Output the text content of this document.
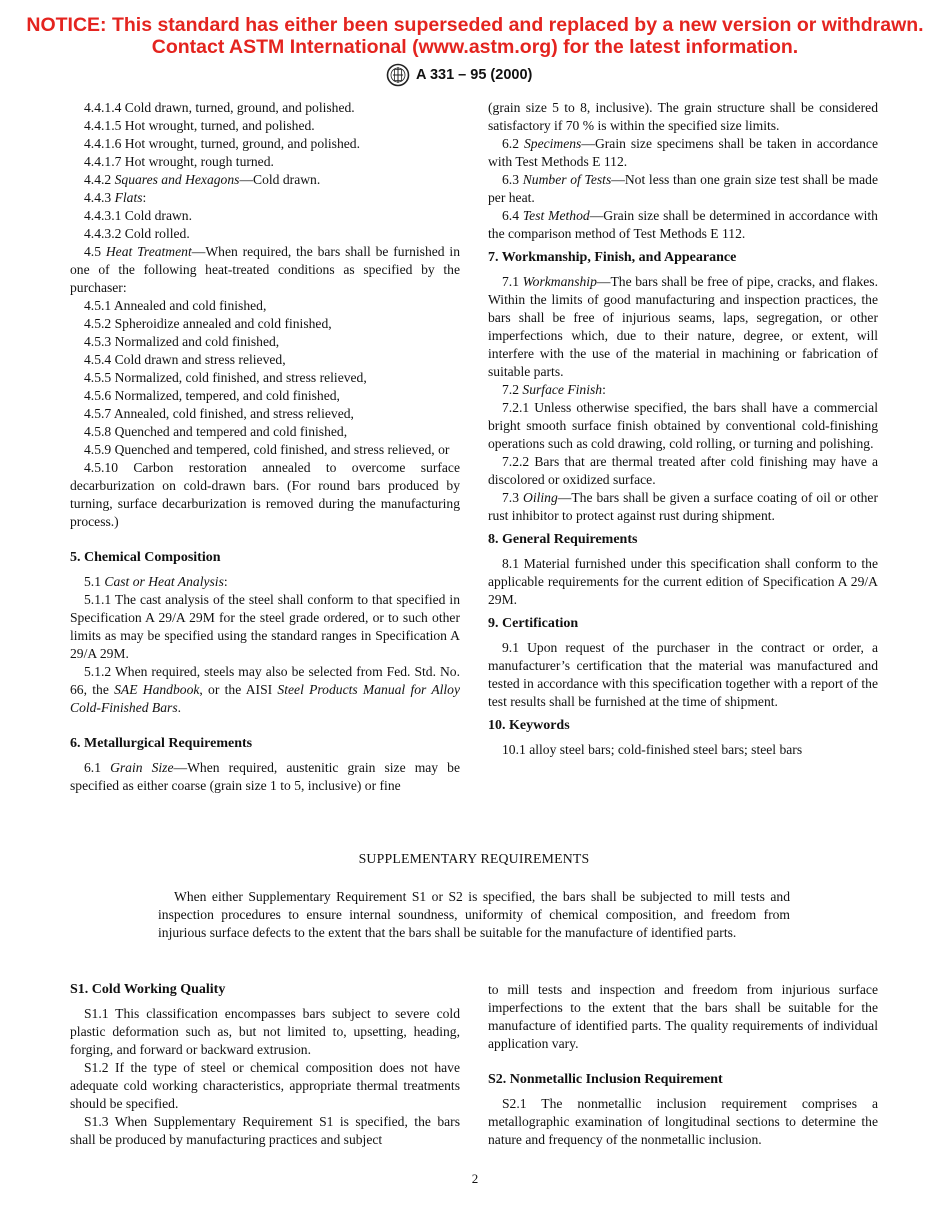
NOTICE: This standard has either been superseded and replaced by a new version or withdrawn.
Contact ASTM International (www.astm.org) for the latest information.
A 331 – 95 (2000)

4.4.1.4 Cold drawn, turned, ground, and polished.

4.4.1.5 Hot wrought, turned, and polished.

4.4.1.6 Hot wrought, turned, ground, and polished.

4.4.1.7 Hot wrought, rough turned.

4.4.2 Squares and Hexagons—Cold drawn.

4.4.3 Flats:

4.4.3.1 Cold drawn.

4.4.3.2 Cold rolled.

4.5 Heat Treatment—When required, the bars shall be furnished in one of the following heat-treated conditions as specified by the purchaser:

4.5.1 Annealed and cold finished,

4.5.2 Spheroidize annealed and cold finished,

4.5.3 Normalized and cold finished,

4.5.4 Cold drawn and stress relieved,

4.5.5 Normalized, cold finished, and stress relieved,

4.5.6 Normalized, tempered, and cold finished,

4.5.7 Annealed, cold finished, and stress relieved,

4.5.8 Quenched and tempered and cold finished,

4.5.9 Quenched and tempered, cold finished, and stress relieved, or

4.5.10 Carbon restoration annealed to overcome surface decarburization on cold-drawn bars. (For round bars produced by turning, surface decarburization is removed during the manufacturing process.)

5. Chemical Composition

5.1 Cast or Heat Analysis:

5.1.1 The cast analysis of the steel shall conform to that specified in Specification A 29/A 29M for the steel grade ordered, or to such other limits as may be specified using the standard ranges in Specification A 29/A 29M.

5.1.2 When required, steels may also be selected from Fed. Std. No. 66, the SAE Handbook, or the AISI Steel Products Manual for Alloy Cold-Finished Bars.

6. Metallurgical Requirements

6.1 Grain Size—When required, austenitic grain size may be specified as either coarse (grain size 1 to 5, inclusive) or fine

(grain size 5 to 8, inclusive). The grain structure shall be considered satisfactory if 70 % is within the specified size limits.

6.2 Specimens—Grain size specimens shall be taken in accordance with Test Methods E 112.

6.3 Number of Tests—Not less than one grain size test shall be made per heat.

6.4 Test Method—Grain size shall be determined in accordance with the comparison method of Test Methods E 112.

7. Workmanship, Finish, and Appearance

7.1 Workmanship—The bars shall be free of pipe, cracks, and flakes. Within the limits of good manufacturing and inspection practices, the bars shall be free of injurious seams, laps, segregation, or other imperfections which, due to their nature, degree, or extent, will interfere with the use of the material in machining or fabrication of suitable parts.

7.2 Surface Finish:

7.2.1 Unless otherwise specified, the bars shall have a commercial bright smooth surface finish obtained by conventional cold-finishing operations such as cold drawing, cold rolling, or turning and polishing.

7.2.2 Bars that are thermal treated after cold finishing may have a discolored or oxidized surface.

7.3 Oiling—The bars shall be given a surface coating of oil or other rust inhibitor to protect against rust during shipment.

8. General Requirements

8.1 Material furnished under this specification shall conform to the applicable requirements for the current edition of Specification A 29/A 29M.

9. Certification

9.1 Upon request of the purchaser in the contract or order, a manufacturer’s certification that the material was manufactured and tested in accordance with this specification together with a report of the test results shall be furnished at the time of shipment.

10. Keywords

10.1 alloy steel bars; cold-finished steel bars; steel bars

SUPPLEMENTARY REQUIREMENTS

When either Supplementary Requirement S1 or S2 is specified, the bars shall be subjected to mill tests and inspection procedures to ensure internal soundness, uniformity of chemical composition, and freedom from injurious surface defects to the extent that the bars shall be suitable for the manufacture of identified parts.

S1. Cold Working Quality

S1.1 This classification encompasses bars subject to severe cold plastic deformation such as, but not limited to, upsetting, heading, forging, and forward or backward extrusion.

S1.2 If the type of steel or chemical composition does not have adequate cold working characteristics, appropriate thermal treatments should be specified.

S1.3 When Supplementary Requirement S1 is specified, the bars shall be produced by manufacturing practices and subject

to mill tests and inspection and freedom from injurious surface imperfections to the extent that the bars shall be suitable for the manufacture of identified parts. The quality requirements of individual application vary.

S2. Nonmetallic Inclusion Requirement

S2.1 The nonmetallic inclusion requirement comprises a metallographic examination of longitudinal sections to determine the nature and frequency of the nonmetallic inclusion.

2
